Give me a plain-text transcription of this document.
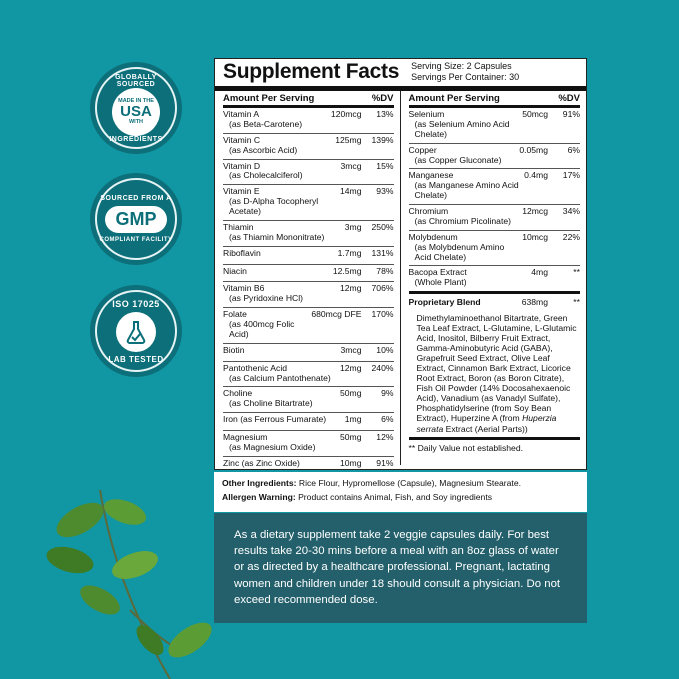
GLOBALLY SOURCED
MADE IN THE
USA
WITH
INGREDIENTS
SOURCED FROM A
GMP
COMPLIANT FACILITY
ISO 17025
LAB TESTED
Supplement Facts Serving Size: 2 Capsules
Servings Per Container: 30
Amount Per Serving	%DV
Vitamin A
(as Beta-Carotene)
120mcg	13%
Vitamin C
(as Ascorbic Acid)
125mg	139%
Vitamin D
(as Cholecalciferol)
3mcg	15%
Vitamin E
(as D-Alpha Tocopheryl Acetate)
14mg	93%
Thiamin
(as Thiamin Mononitrate)
3mg	250%
Riboflavin	1.7mg	131%
Niacin	12.5mg	78%
Vitamin B6
(as Pyridoxine HCl)
12mg	706%
Folate
(as 400mcg Folic Acid)
680mcg DFE	170%
Biotin	3mcg	10%
Pantothenic Acid
(as Calcium Pantothenate)
12mg	240%
Choline
(as Choline Bitartrate)
50mg	9%
Iron (as Ferrous Fumarate)	1mg	6%
Magnesium
(as Magnesium Oxide)
50mg	12%
Zinc (as Zinc Oxide)	10mg	91%
Amount Per Serving	%DV
Selenium
(as Selenium Amino Acid Chelate)
50mcg	91%
Copper
(as Copper Gluconate)
0.05mg	6%
Manganese
(as Manganese Amino Acid Chelate)
0.4mg	17%
Chromium
(as Chromium Picolinate)
12mcg	34%
Molybdenum
(as Molybdenum Amino Acid Chelate)
10mcg	22%
Bacopa Extract
(Whole Plant)
4mg	**
Proprietary Blend	638mg	**
Dimethylaminoethanol Bitartrate, Green Tea Leaf Extract, L-Glutamine, L-Glutamic Acid, Inositol, Bilberry Fruit Extract, Gamma-Aminobutyric Acid (GABA), Grapefruit Seed Extract, Olive Leaf Extract, Cinnamon Bark Extract, Licorice Root Extract, Boron (as Boron Citrate), Fish Oil Powder (14% Docosahexaenoic Acid), Vanadium (as Vanadyl Sulfate), Phosphatidylserine (from Soy Bean Extract), Huperzine A (from Huperzia serrata Extract (Aerial Parts))
** Daily Value not established.
Other Ingredients: Rice Flour, Hypromellose (Capsule), Magnesium Stearate.
Allergen Warning: Product contains Animal, Fish, and Soy ingredients
As a dietary supplement take 2 veggie capsules daily. For best results take 20-30 mins before a meal with an 8oz glass of water or as directed by a healthcare professional. Pregnant, lactating women and children under 18 should consult a physician. Do not exceed recommended dose.
